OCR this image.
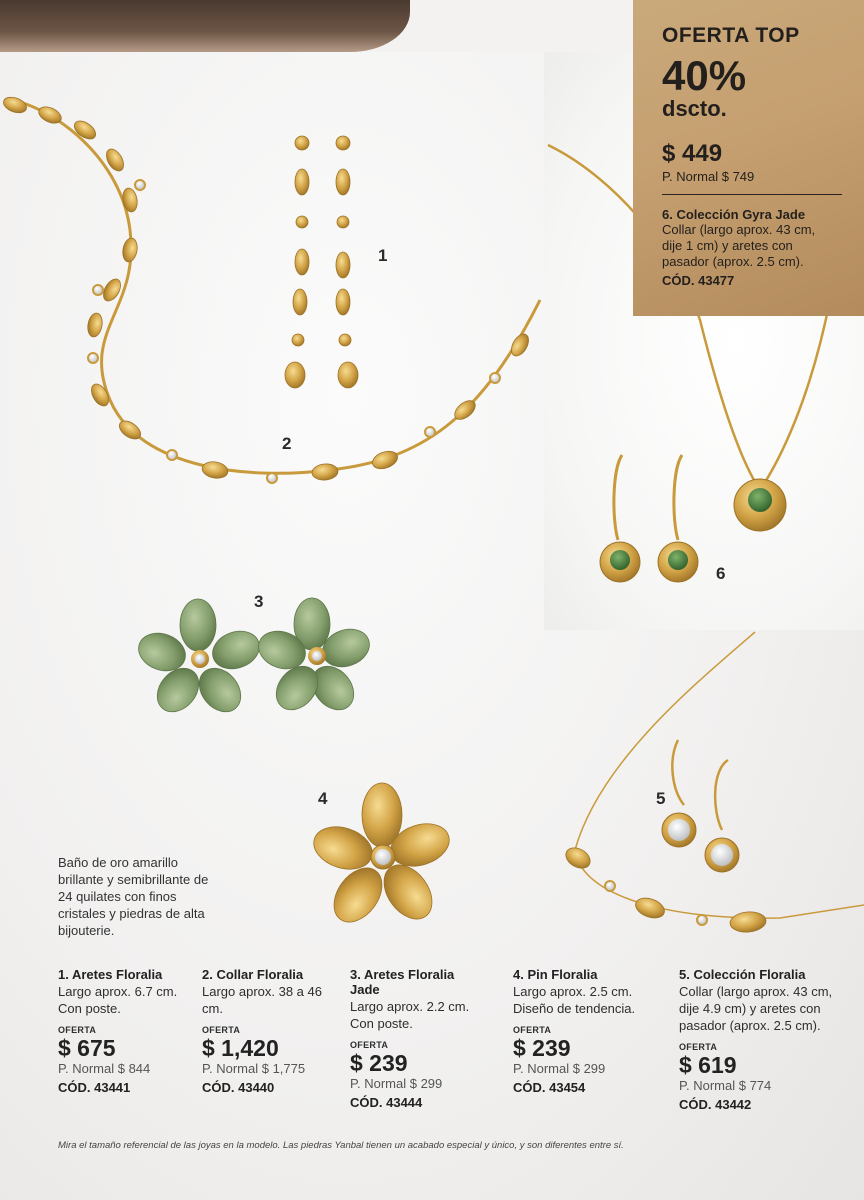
OFERTA TOP
40%
dscto.
$ 449
P. Normal $ 749
6. Colección Gyra Jade
Collar (largo aprox. 43 cm, dije 1 cm) y aretes con pasador (aprox. 2.5 cm).
CÓD. 43477
1
2
3
4	5
6
Baño de oro amarillo brillante y semibrillante de 24 quilates con finos cristales y piedras de alta bijouterie.
1. Aretes Floralia
Largo aprox. 6.7 cm. Con poste.
OFERTA
$ 675
P. Normal $ 844
CÓD. 43441
2. Collar Floralia
Largo aprox. 38 a 46 cm.
OFERTA
$ 1,420
P. Normal $ 1,775
CÓD. 43440
3. Aretes Floralia Jade
Largo aprox. 2.2 cm. Con poste.
OFERTA
$ 239
P. Normal $ 299
CÓD. 43444
4. Pin Floralia
Largo aprox. 2.5 cm. Diseño de tendencia.
OFERTA
$ 239
P. Normal $ 299
CÓD. 43454
5. Colección Floralia
Collar (largo aprox. 43 cm, dije 4.9 cm) y aretes con pasador (aprox. 2.5 cm).
OFERTA
$ 619
P. Normal $ 774
CÓD. 43442
Mira el tamaño referencial de las joyas en la modelo. Las piedras Yanbal tienen un acabado especial y único, y son diferentes entre sí.
